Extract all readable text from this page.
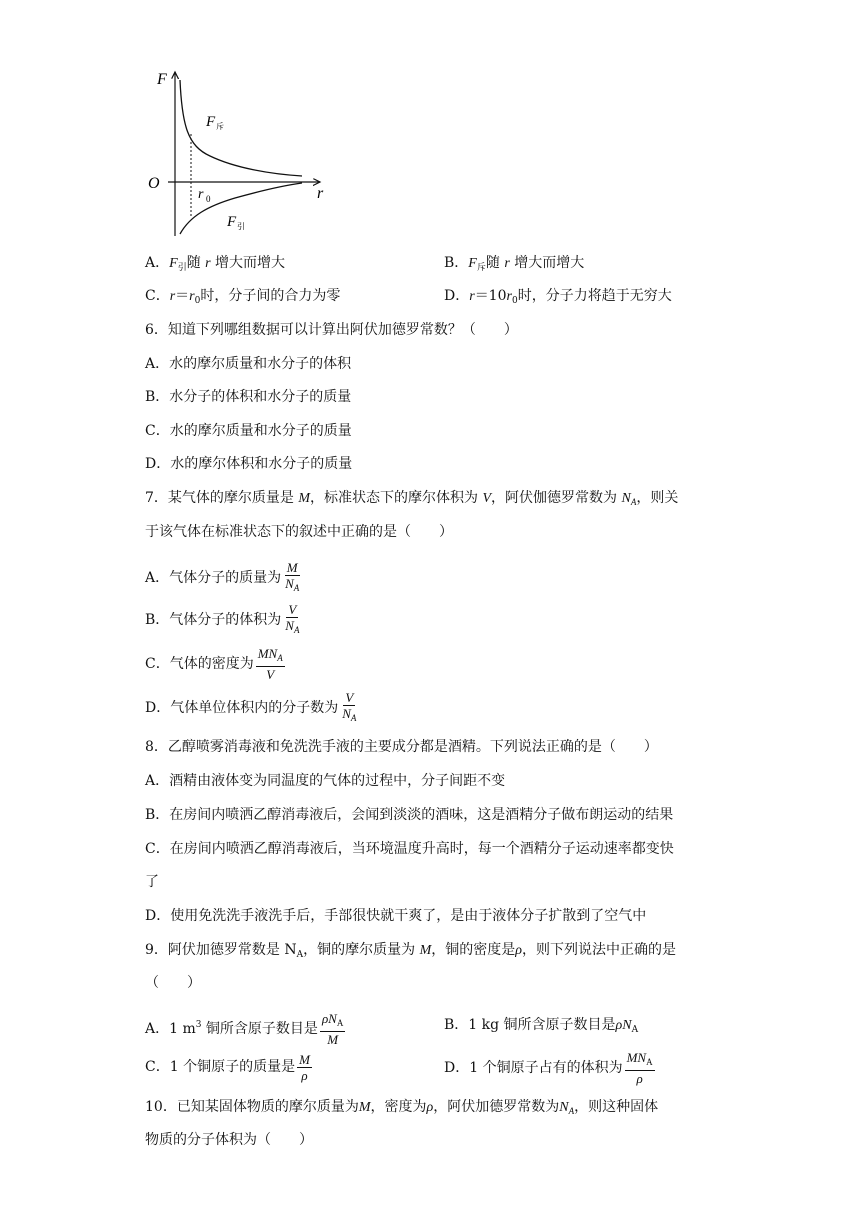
F
r
O
r 0
F 斥
F 引
A．$F_引$随 r 增大而增大	B．$F_斥$随 r 增大而增大
C．$r=r_0$时，分子间的合力为零	D．$r=10r_0$时，分子力将趋于无穷大
6．知道下列哪组数据可以计算出阿伏加德罗常数？（　　）
A．水的摩尔质量和水分子的体积
B．水分子的体积和水分子的质量
C．水的摩尔质量和水分子的质量
D．水的摩尔体积和水分子的质量
7．某气体的摩尔质量是 M，标准状态下的摩尔体积为 V，阿伏伽德罗常数为 $N_A$，则关
于该气体在标准状态下的叙述中正确的是（　　）
A．气体分子的质量为 $\frac{M}{N_A}$
B．气体分子的体积为 $\frac{V}{N_A}$
C．气体的密度为 $\frac{MN_A}{V}$
D．气体单位体积内的分子数为 $\frac{V}{N_A}$
8．乙醇喷雾消毒液和免洗洗手液的主要成分都是酒精。下列说法正确的是（　　）
A．酒精由液体变为同温度的气体的过程中，分子间距不变
B．在房间内喷洒乙醇消毒液后，会闻到淡淡的酒味，这是酒精分子做布朗运动的结果
C．在房间内喷洒乙醇消毒液后，当环境温度升高时，每一个酒精分子运动速率都变快
了
D．使用免洗洗手液洗手后，手部很快就干爽了，是由于液体分子扩散到了空气中
9．阿伏加德罗常数是 $N_A$，铜的摩尔质量为 M，铜的密度是ρ，则下列说法中正确的是
（　　）
A．1 $m^3$ 铜所含原子数目是 $\frac{\rho N_A}{M}$	B．1 kg 铜所含原子数目是$\rho N_A$
C．1 个铜原子的质量是 $\frac{M}{\rho}$	D．1 个铜原子占有的体积为 $\frac{MN_A}{\rho}$
10．已知某固体物质的摩尔质量为M，密度为ρ，阿伏加德罗常数为$N_A$，则这种固体
物质的分子体积为（　　）
